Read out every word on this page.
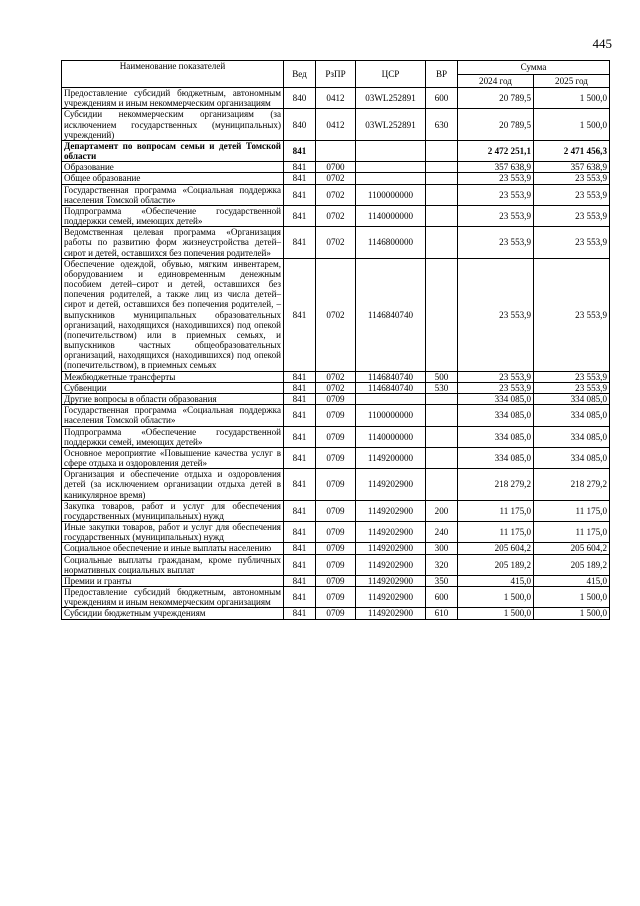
445
Наименование показателей	Вед	РзПР	ЦСР	ВР	Сумма	
					2024 год	2025 год
Предоставление субсидий бюджетным, автономным учреждениям и иным некоммерческим организациям	840	0412	03WL252891	600	20 789,5	1 500,0
Субсидии некоммерческим организациям (за исключением государственных (муниципальных) учреждений)	840	0412	03WL252891	630	20 789,5	1 500,0
Департамент по вопросам семьи и детей Томской области	841				2 472 251,1	2 471 456,3
Образование	841	0700			357 638,9	357 638,9
Общее образование	841	0702			23 553,9	23 553,9
Государственная программа «Социальная поддержка населения Томской области»	841	0702	1100000000		23 553,9	23 553,9
Подпрограмма «Обеспечение государственной поддержки семей, имеющих детей»	841	0702	1140000000		23 553,9	23 553,9
Ведомственная целевая программа «Организация работы по развитию форм жизнеустройства детей–сирот и детей, оставшихся без попечения родителей»	841	0702	1146800000		23 553,9	23 553,9
Обеспечение одеждой, обувью, мягким инвентарем, оборудованием и единовременным денежным пособием детей–сирот и детей, оставшихся без попечения родителей, а также лиц из числа детей–сирот и детей, оставшихся без попечения родителей, – выпускников муниципальных образовательных организаций, находящихся (находившихся) под опекой (попечительством) или в приемных семьях, и выпускников частных общеобразовательных организаций, находящихся (находившихся) под опекой (попечительством), в приемных семьях	841	0702	1146840740		23 553,9	23 553,9
Межбюджетные трансферты	841	0702	1146840740	500	23 553,9	23 553,9
Субвенции	841	0702	1146840740	530	23 553,9	23 553,9
Другие вопросы в области образования	841	0709			334 085,0	334 085,0
Государственная программа «Социальная поддержка населения Томской области»	841	0709	1100000000		334 085,0	334 085,0
Подпрограмма «Обеспечение государственной поддержки семей, имеющих детей»	841	0709	1140000000		334 085,0	334 085,0
Основное мероприятие «Повышение качества услуг в сфере отдыха и оздоровления детей»	841	0709	1149200000		334 085,0	334 085,0
Организация и обеспечение отдыха и оздоровления детей (за исключением организации отдыха детей в каникулярное время)	841	0709	1149202900		218 279,2	218 279,2
Закупка товаров, работ и услуг для обеспечения государственных (муниципальных) нужд	841	0709	1149202900	200	11 175,0	11 175,0
Иные закупки товаров, работ и услуг для обеспечения государственных (муниципальных) нужд	841	0709	1149202900	240	11 175,0	11 175,0
Социальное обеспечение и иные выплаты населению	841	0709	1149202900	300	205 604,2	205 604,2
Социальные выплаты гражданам, кроме публичных нормативных социальных выплат	841	0709	1149202900	320	205 189,2	205 189,2
Премии и гранты	841	0709	1149202900	350	415,0	415,0
Предоставление субсидий бюджетным, автономным учреждениям и иным некоммерческим организациям	841	0709	1149202900	600	1 500,0	1 500,0
Субсидии бюджетным учреждениям	841	0709	1149202900	610	1 500,0	1 500,0
